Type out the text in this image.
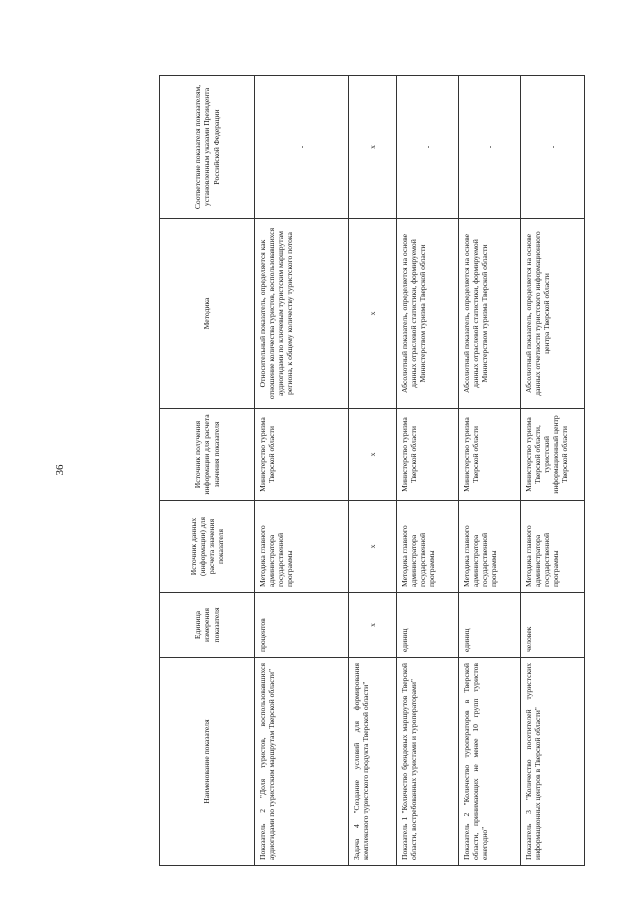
36
Наименование показателя	Единица измерения показателя	Источник данных (информации) для расчета значения показателя	Источник получения информации для расчета значения показателя	Методика	Соответствие показателя показателям, установленным указами Президента Российской Федерации
Показатель 2 "Доля туристов, воспользовавшихся аудиогидами по туристским маршрутам Тверской области"	процентов	Методика главного администратора государственной программы	Министерство туризма Тверской области	Относительный показатель, определяется как отношение количества туристов, воспользовавшихся аудиогидами по ключевым туристским маршрутам региона, к общему количеству туристского потока	-
Задача 4 "Создание условий для формирования комплексного туристского продукта Тверской области"	x	x	x	x	x
Показатель 1 "Количество брендовых маршрутов Тверской области, востребованных туристами и туроператорами"	единиц	Методика главного администратора государственной программы	Министерство туризма Тверской области	Абсолютный показатель, определяется на основе данных отраслевой статистики, формируемой Министерством туризма Тверской области	-
Показатель 2 "Количество туроператоров в Тверской области, принимающих не менее 10 групп туристов ежегодно"	единиц	Методика главного администратора государственной программы	Министерство туризма Тверской области	Абсолютный показатель, определяется на основе данных отраслевой статистики, формируемой Министерством туризма Тверской области	-
Показатель 3 "Количество посетителей туристских информационных центров в Тверской области"	человек	Методика главного администратора государственной программы	Министерство туризма Тверской области, туристский информационный центр Тверской области	Абсолютный показатель, определяется на основе данных отчетности туристского информационного центра Тверской области	-
